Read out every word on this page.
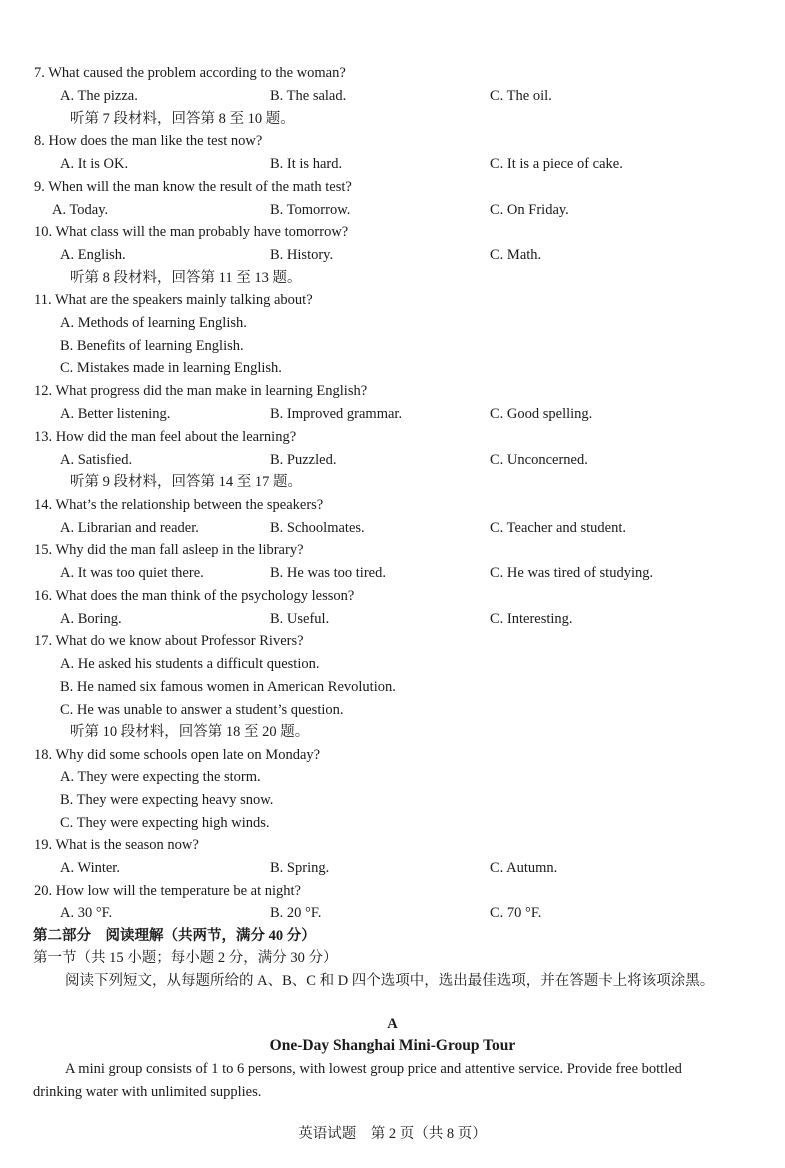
7. What caused the problem according to the woman?
A. The pizza.	B. The salad.	C. The oil.
听第 7 段材料，回答第 8 至 10 题。
8. How does the man like the test now?
A. It is OK.	B. It is hard.	C. It is a piece of cake.
9. When will the man know the result of the math test?
A. Today.	B. Tomorrow.	C. On Friday.
10. What class will the man probably have tomorrow?
A. English.	B. History.	C. Math.
听第 8 段材料，回答第 11 至 13 题。
11. What are the speakers mainly talking about?
A. Methods of learning English.
B. Benefits of learning English.
C. Mistakes made in learning English.
12. What progress did the man make in learning English?
A. Better listening.	B. Improved grammar.	C. Good spelling.
13. How did the man feel about the learning?
A. Satisfied.	B. Puzzled.	C. Unconcerned.
听第 9 段材料，回答第 14 至 17 题。
14. What’s the relationship between the speakers?
A. Librarian and reader.	B. Schoolmates.	C. Teacher and student.
15. Why did the man fall asleep in the library?
A. It was too quiet there.	B. He was too tired.	C. He was tired of studying.
16. What does the man think of the psychology lesson?
A. Boring.	B. Useful.	C. Interesting.
17. What do we know about Professor Rivers?
A. He asked his students a difficult question.
B. He named six famous women in American Revolution.
C. He was unable to answer a student’s question.
听第 10 段材料，回答第 18 至 20 题。
18. Why did some schools open late on Monday?
A. They were expecting the storm.
B. They were expecting heavy snow.
C. They were expecting high winds.
19. What is the season now?
A. Winter.	B. Spring.	C. Autumn.
20. How low will the temperature be at night?
A. 30 °F.	B. 20 °F.	C. 70 °F.
第二部分　阅读理解（共两节，满分 40 分）
第一节（共 15 小题；每小题 2 分，满分 30 分）
阅读下列短文，从每题所给的 A、B、C 和 D 四个选项中，选出最佳选项，并在答题卡上将该项涂黑。
A
One-Day Shanghai Mini-Group Tour
A mini group consists of 1 to 6 persons, with lowest group price and attentive service. Provide free bottled drinking water with unlimited supplies.
英语试题　第 2 页（共 8 页）
